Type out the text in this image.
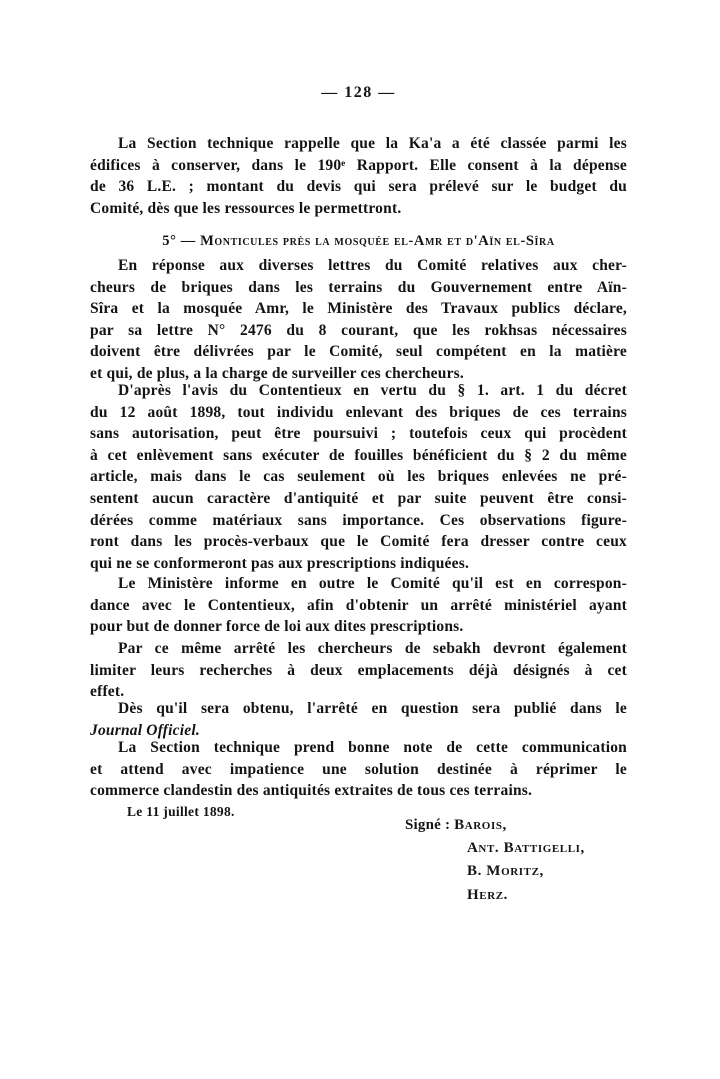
— 128 —
La Section technique rappelle que la Ka'a a été classée parmi les
édifices à conserver, dans le 190ᵉ Rapport. Elle consent à la dépense
de 36 L.E. ; montant du devis qui sera prélevé sur le budget du
Comité, dès que les ressources le permettront.
5° — Monticules près la mosquée el-Amr et d'Aïn el-Sîra
En réponse aux diverses lettres du Comité relatives aux cher-
cheurs de briques dans les terrains du Gouvernement entre Aïn-
Sîra et la mosquée Amr, le Ministère des Travaux publics déclare,
par sa lettre N° 2476 du 8 courant, que les rokhsas nécessaires
doivent être délivrées par le Comité, seul compétent en la matière
et qui, de plus, a la charge de surveiller ces chercheurs.
D'après l'avis du Contentieux en vertu du § 1. art. 1 du décret
du 12 août 1898, tout individu enlevant des briques de ces terrains
sans autorisation, peut être poursuivi ; toutefois ceux qui procèdent
à cet enlèvement sans exécuter de fouilles bénéficient du § 2 du même
article, mais dans le cas seulement où les briques enlevées ne pré-
sentent aucun caractère d'antiquité et par suite peuvent être consi-
dérées comme matériaux sans importance. Ces observations figure-
ront dans les procès-verbaux que le Comité fera dresser contre ceux
qui ne se conformeront pas aux prescriptions indiquées.
Le Ministère informe en outre le Comité qu'il est en correspon-
dance avec le Contentieux, afin d'obtenir un arrêté ministériel ayant
pour but de donner force de loi aux dites prescriptions.
Par ce même arrêté les chercheurs de sebakh devront également
limiter leurs recherches à deux emplacements déjà désignés à cet
effet.
Dès qu'il sera obtenu, l'arrêté en question sera publié dans le
Journal Officiel.
La Section technique prend bonne note de cette communication
et attend avec impatience une solution destinée à réprimer le
commerce clandestin des antiquités extraites de tous ces terrains.
Le 11 juillet 1898.
Signé : Barois,
Ant. Battigelli,
B. Moritz,
Herz.
